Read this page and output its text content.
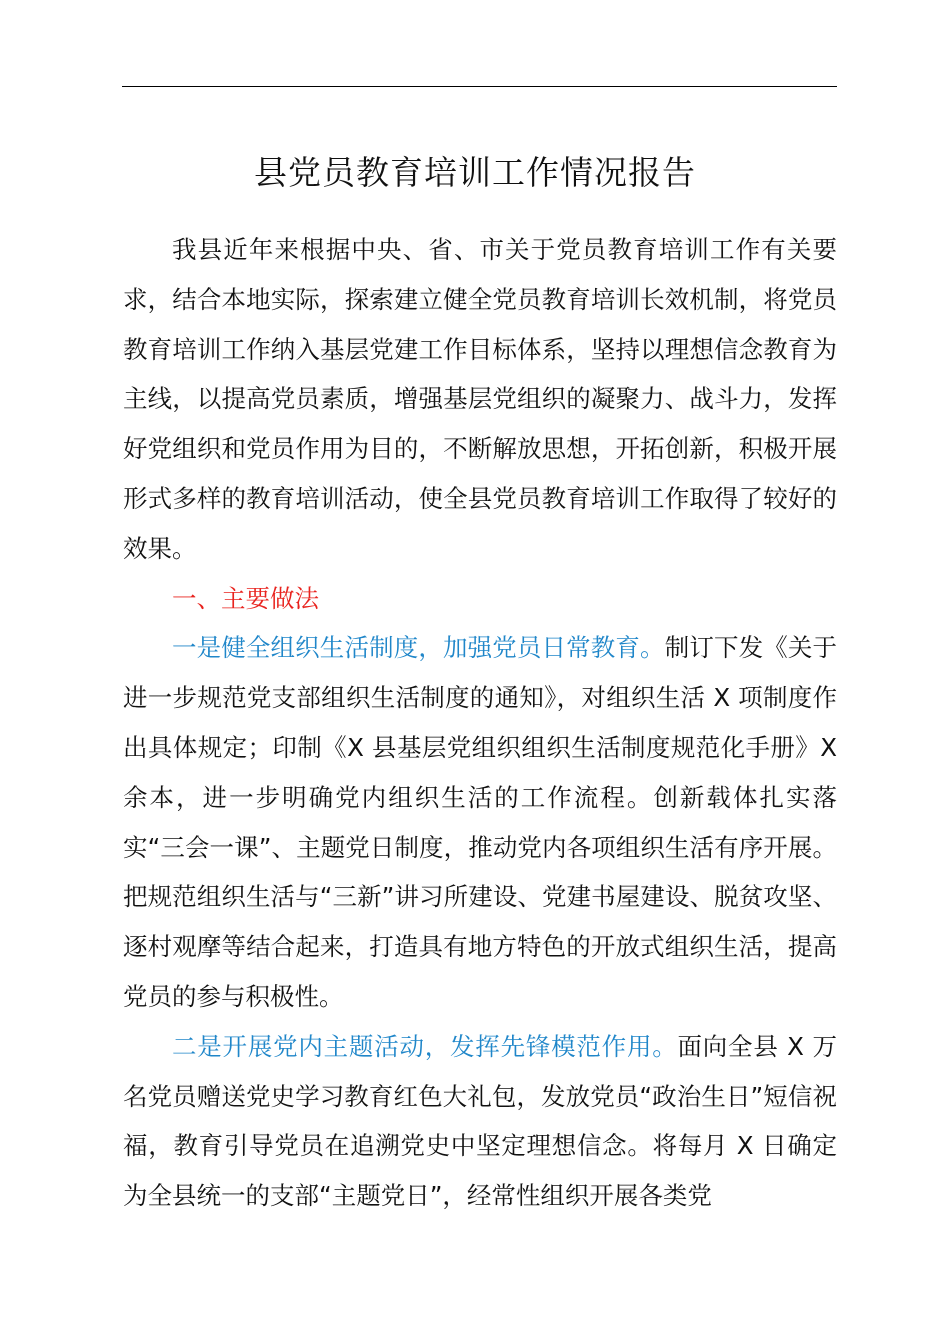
县党员教育培训工作情况报告

我县近年来根据中央、省、市关于党员教育培训工作有关要求，结合本地实际，探索建立健全党员教育培训长效机制，将党员教育培训工作纳入基层党建工作目标体系，坚持以理想信念教育为主线，以提高党员素质，增强基层党组织的凝聚力、战斗力，发挥好党组织和党员作用为目的，不断解放思想，开拓创新，积极开展形式多样的教育培训活动，使全县党员教育培训工作取得了较好的效果。

一、主要做法

一是健全组织生活制度，加强党员日常教育。制订下发《关于进一步规范党支部组织生活制度的通知》，对组织生活 X 项制度作出具体规定；印制《X 县基层党组织组织生活制度规范化手册》X 余本，进一步明确党内组织生活的工作流程。创新载体扎实落实“三会一课”、主题党日制度，推动党内各项组织生活有序开展。把规范组织生活与“三新”讲习所建设、党建书屋建设、脱贫攻坚、逐村观摩等结合起来，打造具有地方特色的开放式组织生活，提高党员的参与积极性。

二是开展党内主题活动，发挥先锋模范作用。面向全县 X 万名党员赠送党史学习教育红色大礼包，发放党员“政治生日”短信祝福，教育引导党员在追溯党史中坚定理想信念。将每月 X 日确定为全县统一的支部“主题党日”，经常性组织开展各类党
